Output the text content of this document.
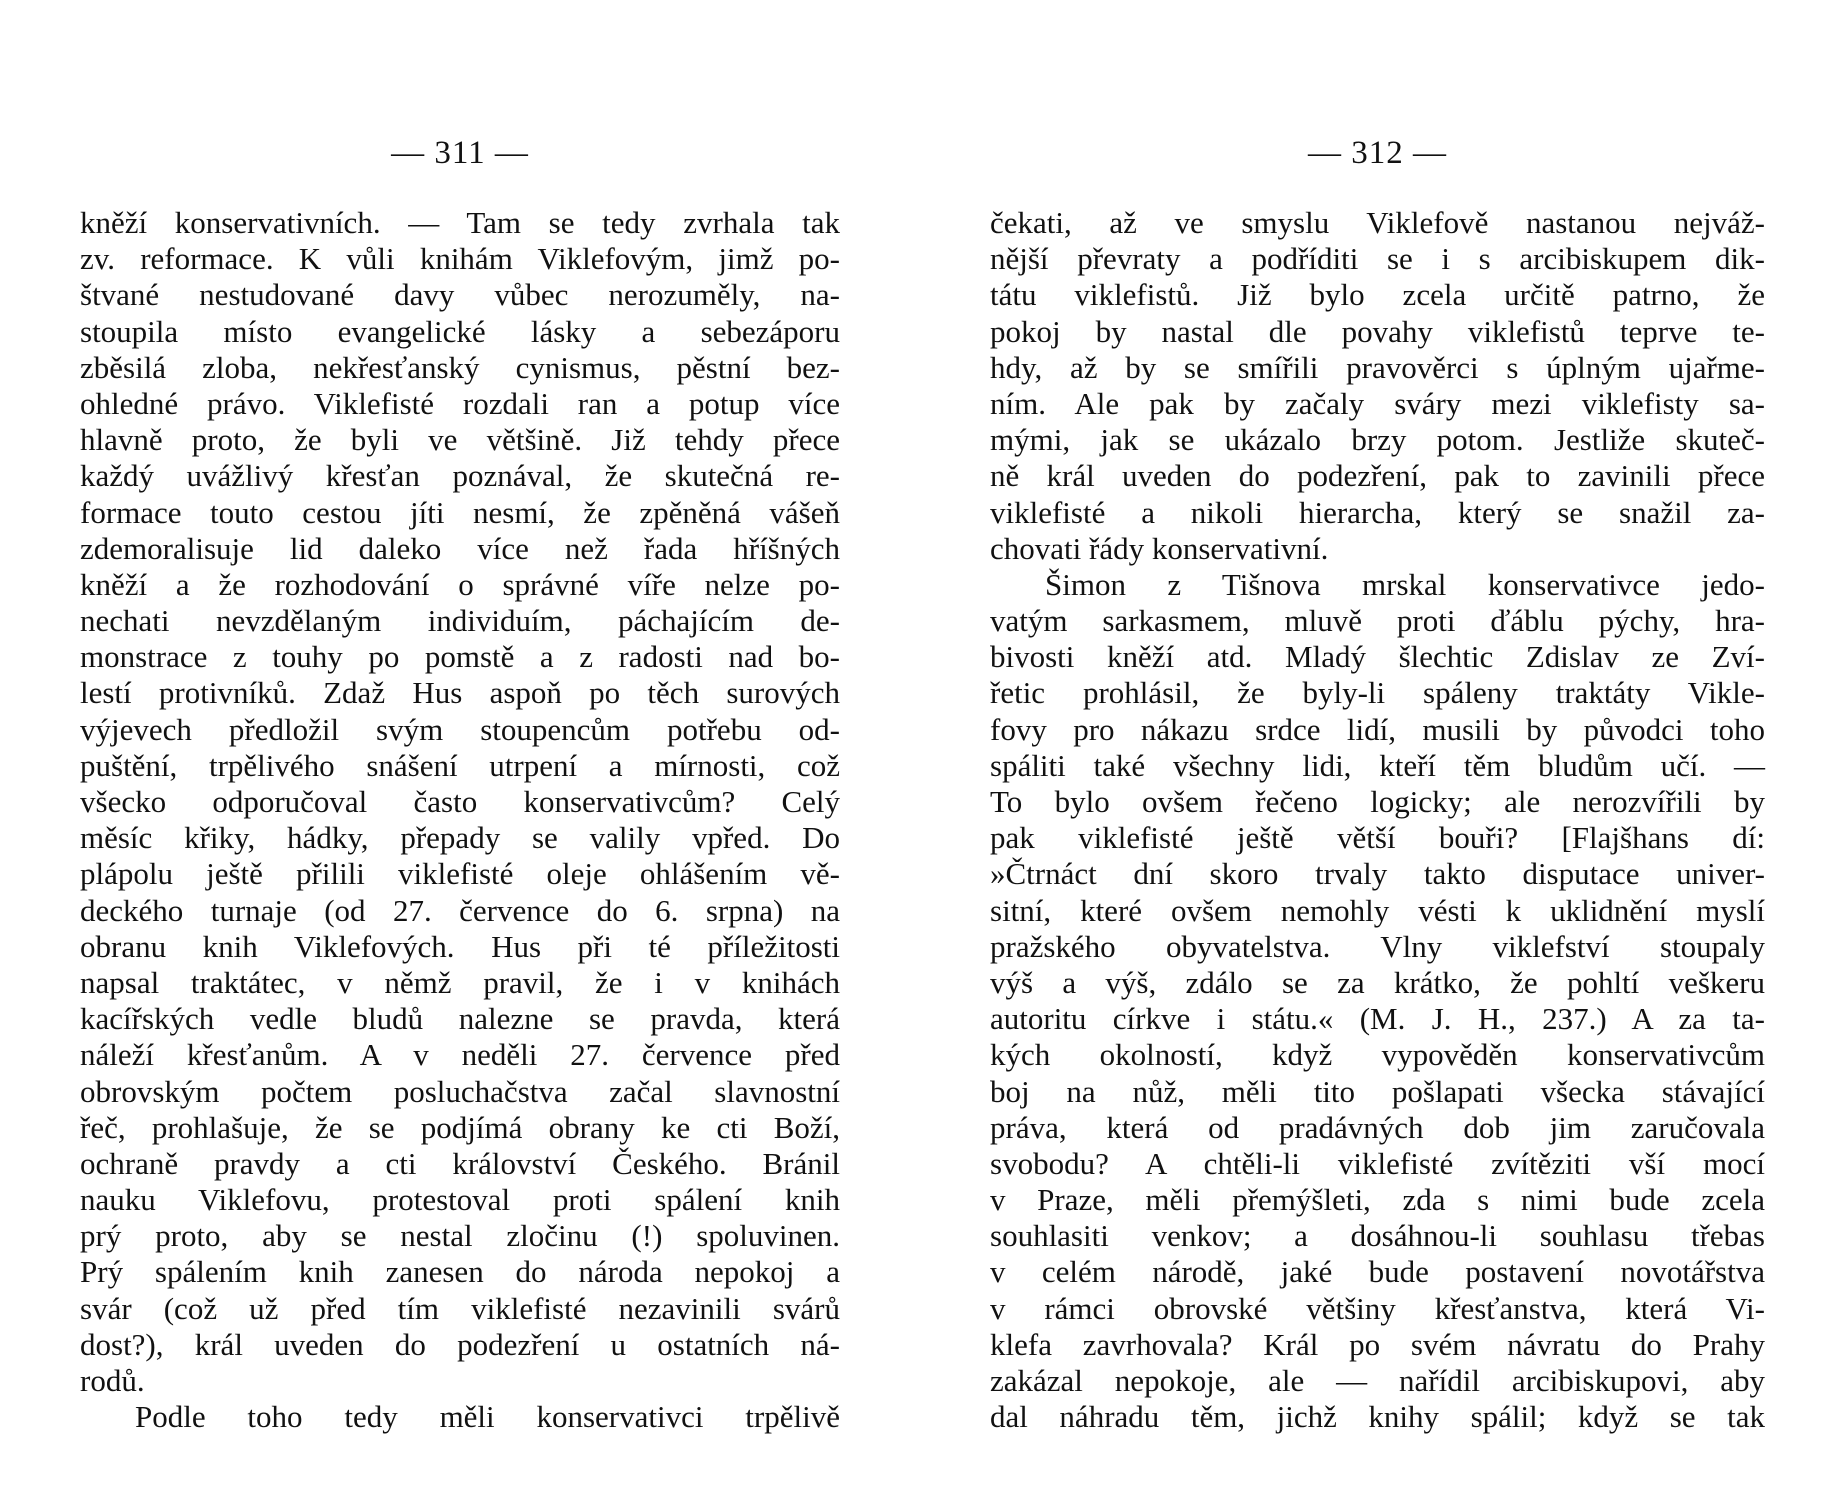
— 311 —
kněží konservativních. — Tam se tedy zvrhala tak
zv. reformace. K vůli knihám Viklefovým, jimž po-
štvané nestudované davy vůbec nerozuměly, na-
stoupila místo evangelické lásky a sebezáporu
zběsilá zloba, nekřesťanský cynismus, pěstní bez-
ohledné právo. Viklefisté rozdali ran a potup více
hlavně proto, že byli ve většině. Již tehdy přece
každý uvážlivý křesťan poznával, že skutečná re-
formace touto cestou jíti nesmí, že zpěněná vášeň
zdemoralisuje lid daleko více než řada hříšných
kněží a že rozhodování o správné víře nelze po-
nechati nevzdělaným individuím, páchajícím de-
monstrace z touhy po pomstě a z radosti nad bo-
lestí protivníků. Zdaž Hus aspoň po těch surových
výjevech předložil svým stoupencům potřebu od-
puštění, trpělivého snášení utrpení a mírnosti, což
všecko odporučoval často konservativcům? Celý
měsíc křiky, hádky, přepady se valily vpřed. Do
plápolu ještě přilili viklefisté oleje ohlášením vě-
deckého turnaje (od 27. července do 6. srpna) na
obranu knih Viklefových. Hus při té příležitosti
napsal traktátec, v němž pravil, že i v knihách
kacířských vedle bludů nalezne se pravda, která
náleží křesťanům. A v neděli 27. července před
obrovským počtem posluchačstva začal slavnostní
řeč, prohlašuje, že se podjímá obrany ke cti Boží,
ochraně pravdy a cti království Českého. Bránil
nauku Viklefovu, protestoval proti spálení knih
prý proto, aby se nestal zločinu (!) spoluvinen.
Prý spálením knih zanesen do národa nepokoj a
svár (což už před tím viklefisté nezavinili svárů
dost?), král uveden do podezření u ostatních ná-
rodů.
Podle toho tedy měli konservativci trpělivě
— 312 —
čekati, až ve smyslu Viklefově nastanou nejváž-
nější převraty a podříditi se i s arcibiskupem dik-
tátu viklefistů. Již bylo zcela určitě patrno, že
pokoj by nastal dle povahy viklefistů teprve te-
hdy, až by se smířili pravověrci s úplným ujařme-
ním. Ale pak by začaly sváry mezi viklefisty sa-
mými, jak se ukázalo brzy potom. Jestliže skuteč-
ně král uveden do podezření, pak to zavinili přece
viklefisté a nikoli hierarcha, který se snažil za-
chovati řády konservativní.
Šimon z Tišnova mrskal konservativce jedo-
vatým sarkasmem, mluvě proti ďáblu pýchy, hra-
bivosti kněží atd. Mladý šlechtic Zdislav ze Zví-
řetic prohlásil, že byly-li spáleny traktáty Vikle-
fovy pro nákazu srdce lidí, musili by původci toho
spáliti také všechny lidi, kteří těm bludům učí. —
To bylo ovšem řečeno logicky; ale nerozvířili by
pak viklefisté ještě větší bouři? [Flajšhans dí:
»Čtrnáct dní skoro trvaly takto disputace univer-
sitní, které ovšem nemohly vésti k uklidnění myslí
pražského obyvatelstva. Vlny viklefství stoupaly
výš a výš, zdálo se za krátko, že pohltí veškeru
autoritu církve i státu.« (M. J. H., 237.) A za ta-
kých okolností, když vypověděn konservativcům
boj na nůž, měli tito pošlapati všecka stávající
práva, která od pradávných dob jim zaručovala
svobodu? A chtěli-li viklefisté zvítěziti vší mocí
v Praze, měli přemýšleti, zda s nimi bude zcela
souhlasiti venkov; a dosáhnou-li souhlasu třebas
v celém národě, jaké bude postavení novotářstva
v rámci obrovské většiny křesťanstva, která Vi-
klefa zavrhovala? Král po svém návratu do Prahy
zakázal nepokoje, ale — nařídil arcibiskupovi, aby
dal náhradu těm, jichž knihy spálil; když se tak
